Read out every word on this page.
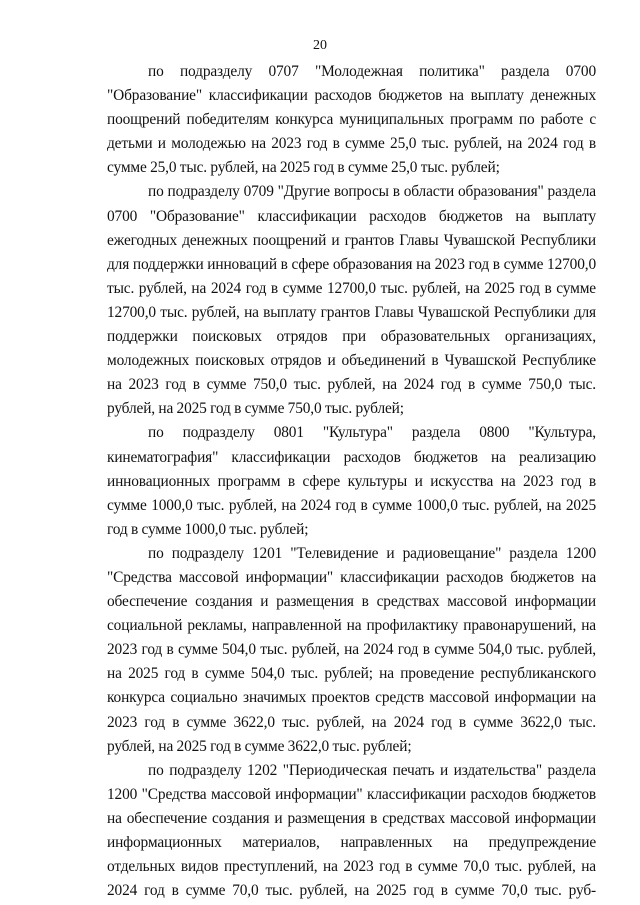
20

по подразделу 0707 "Молодежная политика" раздела 0700 "Образование" классификации расходов бюджетов на выплату денежных поощрений победителям конкурса муниципальных программ по работе с детьми и молодежью на 2023 год в сумме 25,0 тыс. рублей, на 2024 год в сумме 25,0 тыс. рублей, на 2025 год в сумме 25,0 тыс. рублей;

по подразделу 0709 "Другие вопросы в области образования" раздела 0700 "Образование" классификации расходов бюджетов на выплату ежегодных денежных поощрений и грантов Главы Чувашской Республики для поддержки инноваций в сфере образования на 2023 год в сумме 12700,0 тыс. рублей, на 2024 год в сумме 12700,0 тыс. рублей, на 2025 год в сумме 12700,0 тыс. рублей, на выплату грантов Главы Чувашской Республики для поддержки поисковых отрядов при образовательных организациях, молодежных поисковых отрядов и объединений в Чувашской Республике на 2023 год в сумме 750,0 тыс. рублей, на 2024 год в сумме 750,0 тыс. рублей, на 2025 год в сумме 750,0 тыс. рублей;

по подразделу 0801 "Культура" раздела 0800 "Культура, кинематография" классификации расходов бюджетов на реализацию инновационных программ в сфере культуры и искусства на 2023 год в сумме 1000,0 тыс. рублей, на 2024 год в сумме 1000,0 тыс. рублей, на 2025 год в сумме 1000,0 тыс. рублей;

по подразделу 1201 "Телевидение и радиовещание" раздела 1200 "Средства массовой информации" классификации расходов бюджетов на обеспечение создания и размещения в средствах массовой информации социальной рекламы, направленной на профилактику правонарушений, на 2023 год в сумме 504,0 тыс. рублей, на 2024 год в сумме 504,0 тыс. рублей, на 2025 год в сумме 504,0 тыс. рублей; на проведение республиканского конкурса социально значимых проектов средств массовой информации на 2023 год в сумме 3622,0 тыс. рублей, на 2024 год в сумме 3622,0 тыс. рублей, на 2025 год в сумме 3622,0 тыс. рублей;

по подразделу 1202 "Периодическая печать и издательства" раздела 1200 "Средства массовой информации" классификации расходов бюджетов на обеспечение создания и размещения в средствах массовой информации информационных материалов, направленных на предупреждение отдельных видов преступлений, на 2023 год в сумме 70,0 тыс. рублей, на 2024 год в сумме 70,0 тыс. рублей, на 2025 год в сумме 70,0 тыс. руб-
